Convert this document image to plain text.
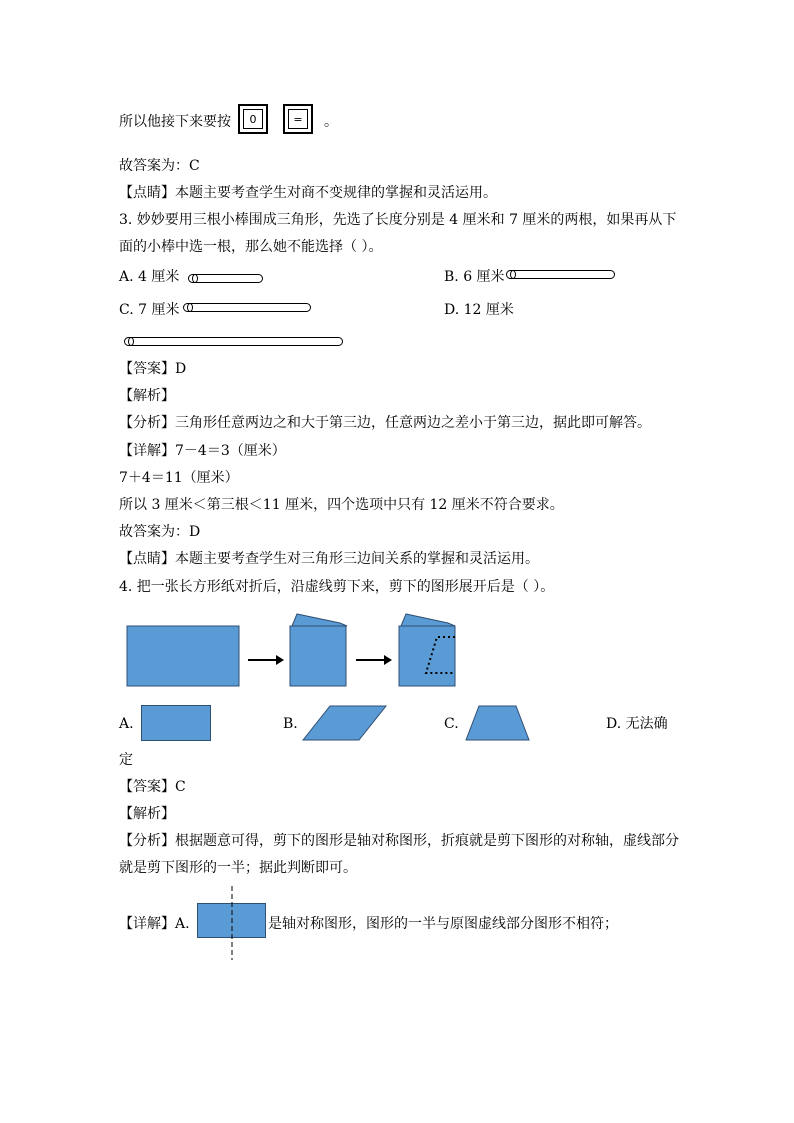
所以他接下来要按	0	=	。
故答案为：C
【点睛】本题主要考查学生对商不变规律的掌握和灵活运用。
3. 妙妙要用三根小棒围成三角形，先选了长度分别是 4 厘米和 7 厘米的两根，如果再从下
面的小棒中选一根，那么她不能选择（ ）。
A. 4 厘米	B. 6 厘米
C. 7 厘米	D. 12 厘米
【答案】D
【解析】
【分析】三角形任意两边之和大于第三边，任意两边之差小于第三边，据此即可解答。
【详解】7－4＝3（厘米）
7＋4＝11（厘米）
所以 3 厘米＜第三根＜11 厘米，四个选项中只有 12 厘米不符合要求。
故答案为：D
【点睛】本题主要考查学生对三角形三边间关系的掌握和灵活运用。
4. 把一张长方形纸对折后，沿虚线剪下来，剪下的图形展开后是（ ）。
A.	B.	C.	D. 无法确
定
【答案】C
【解析】
【分析】根据题意可得，剪下的图形是轴对称图形，折痕就是剪下图形的对称轴，虚线部分
就是剪下图形的一半；据此判断即可。
【详解】A.	是轴对称图形，图形的一半与原图虚线部分图形不相符；
